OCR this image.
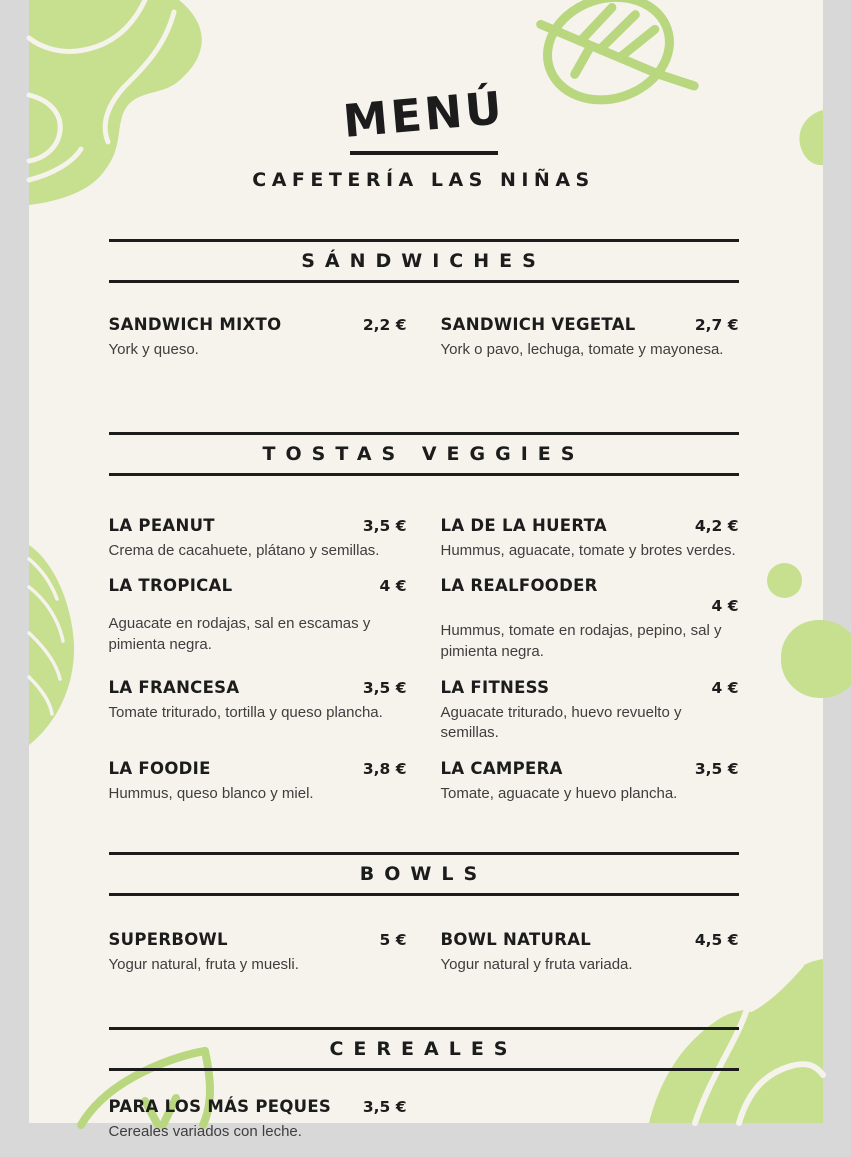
MENÚ
CAFETERÍA LAS NIÑAS
SÁNDWICHES
SANDWICH MIXTO	2,2 €
York y queso.
SANDWICH VEGETAL	2,7 €
York o pavo, lechuga, tomate y mayonesa.
TOSTAS VEGGIES
LA PEANUT	3,5 €
Crema de cacahuete, plátano y semillas.
LA DE LA HUERTA	4,2 €
Hummus, aguacate, tomate y brotes verdes.
LA TROPICAL	4 €
Aguacate en rodajas, sal en escamas y pimienta negra.
LA REALFOODER
4 €
Hummus, tomate en rodajas, pepino, sal y pimienta negra.
LA FRANCESA	3,5 €
Tomate triturado, tortilla y queso plancha.
LA FITNESS	4 €
Aguacate triturado, huevo revuelto y semillas.
LA FOODIE	3,8 €
Hummus, queso blanco y miel.
LA CAMPERA	3,5 €
Tomate, aguacate y huevo plancha.
BOWLS
SUPERBOWL	5 €
Yogur natural, fruta y muesli.
BOWL NATURAL	4,5 €
Yogur natural y fruta variada.
CEREALES
PARA LOS MÁS PEQUES 3,5 €
Cereales variados con leche.
